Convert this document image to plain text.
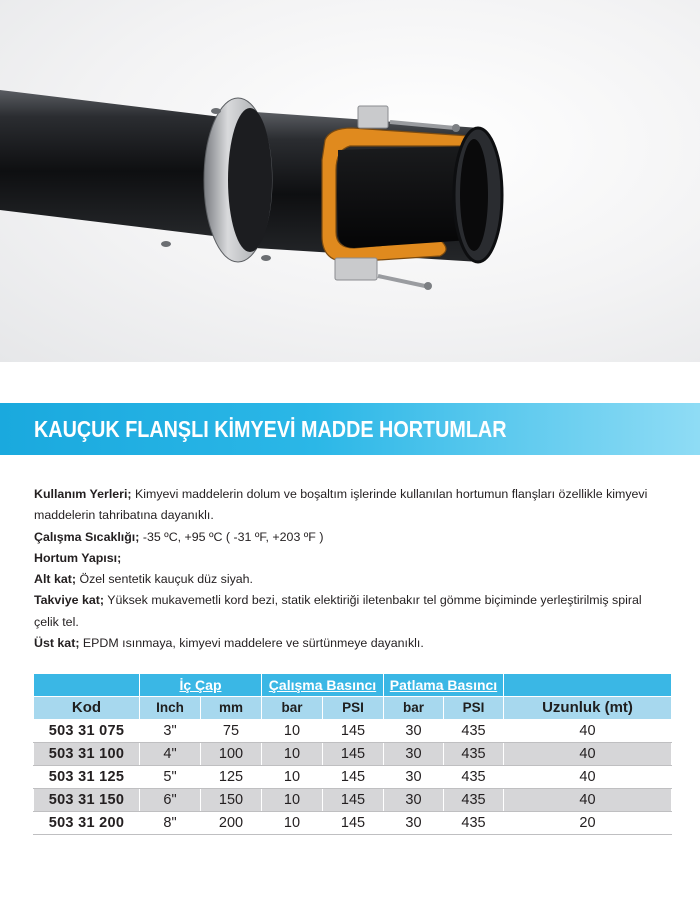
KAUÇUK FLANŞLI KİMYEVİ MADDE HORTUMLAR

Kullanım Yerleri; Kimyevi maddelerin dolum ve boşaltım işlerinde kullanılan hortumun flanşları özellikle kimyevi

maddelerin tahribatına dayanıklı.

Çalışma Sıcaklığı; -35 ºC, +95 ºC ( -31 ºF, +203 ºF )

Hortum Yapısı;

Alt kat; Özel sentetik kauçuk düz siyah.

Takviye kat; Yüksek mukavemetli kord bezi, statik elektiriği iletenbakır tel gömme biçiminde yerleştirilmiş spiral

çelik tel.

Üst kat; EPDM ısınmaya, kimyevi maddelere ve sürtünmeye dayanıklı.

	İç Çap		Çalışma Basıncı		Patlama Basıncı		
Kod	Inch	mm	bar	PSI	bar	PSI	Uzunluk (mt)
503 31 075	3"	75	10	145	30	435	40
503 31 100	4"	100	10	145	30	435	40
503 31 125	5"	125	10	145	30	435	40
503 31 150	6"	150	10	145	30	435	40
503 31 200	8"	200	10	145	30	435	20
